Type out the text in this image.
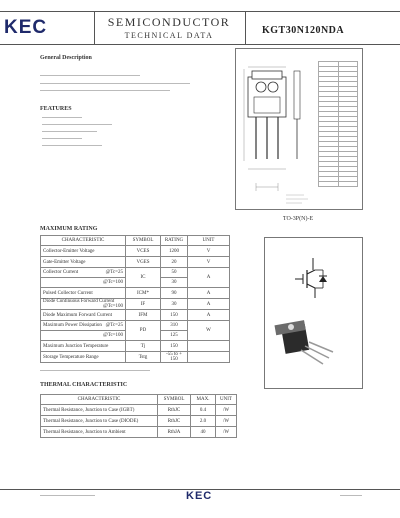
KEC	SEMICONDUCTOR
TECHNICAL DATA	KGT30N120NDA
General Description
FEATURES

TO-3P(N)-E
MAXIMUM RATING
CHARACTERISTIC	SYMBOL	RATING	UNIT
Collector-Emitter Voltage	VCES	1200	V
Gate-Emitter Voltage	VGES	20	V
Collector Current @Tc=25	IC	50	A
@Tc=100		30	
Pulsed Collector Current	ICM*	90	A
Diode Continuous Forward Current
@Tc=100	IF	30	A
Diode Maximum Forward Current	IFM	150	A
Maximum Power Dissipation @Tc=25	PD	310	W
@Tc=100		125	
Maximum Junction Temperature	Tj	150	
Storage Temperature Range	Tstg	-55 to + 150	
THERMAL CHARACTERISTIC
CHARACTERISTIC	SYMBOL	MAX.	UNIT
Thermal Resistance, Junction to Case (IGBT)	RthJC	0.4	/W
Thermal Resistance, Junction to Case (DIODE)	RthJC	2.0	/W
Thermal Resistance, Junction to Ambient	RthJA	40	/W
KEC
